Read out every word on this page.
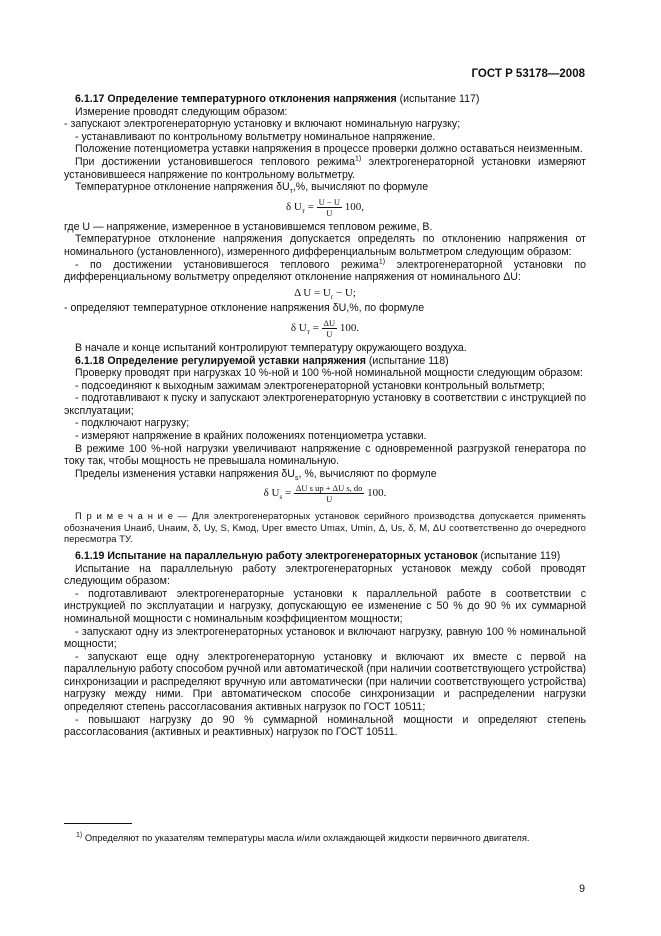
ГОСТ Р 53178—2008

6.1.17 Определение температурного отклонения напряжения (испытание 117)

Измерение проводят следующим образом:

- запускают электрогенераторную установку и включают номинальную нагрузку;

- устанавливают по контрольному вольтметру номинальное напряжение.

Положение потенциометра уставки напряжения в процессе проверки должно оставаться неизменным.

При достижении установившегося теплового режима$^{1)}$ электрогенераторной установки измеряют установившееся напряжение по контрольному вольтметру.

Температурное отклонение напряжения $\delta U_т,\%$, вычисляют по формуле

δ $U_т = \frac{U - U}{U} 100$,

где U — напряжение, измеренное в установившемся тепловом режиме, В.

Температурное отклонение напряжения допускается определять по отклонению напряжения от номинального (установленного), измеренного дифференциальным вольтметром следующим образом:

- по достижении установившегося теплового режима$^{1)}$ электрогенераторной установки по дифференциальному вольтметру определяют отклонение напряжения от номинального ΔU:

Δ $U = U_r - U$;

- определяют температурное отклонение напряжения δU,%, по формуле

δ $U_т = \frac{\Delta U}{U} 100$.

В начале и конце испытаний контролируют температуру окружающего воздуха.

6.1.18 Определение регулируемой уставки напряжения (испытание 118)

Проверку проводят при нагрузках 10 %-ной и 100 %-ной номинальной мощности следующим образом:

- подсоединяют к выходным зажимам электрогенераторной установки контрольный вольтметр;

- подготавливают к пуску и запускают электрогенераторную установку в соответствии с инструкцией по эксплуатации;

- подключают нагрузку;

- измеряют напряжение в крайних положениях потенциометра уставки.

В режиме 100 %-ной нагрузки увеличивают напряжение с одновременной разгрузкой генератора по току так, чтобы мощность не превышала номинальную.

Пределы изменения уставки напряжения $\delta U_s$, %, вычисляют по формуле

δ $U_s = \frac{\text{ΔU s up + ΔU s, do}}{U} 100$.

П р и м е ч а н и е — Для электрогенераторных установок серийного производства допускается применять обозначения Uнаиб, Uнаим, δ, Uу, S, Kмод, Uрег вместо Umax, Umin, Δ, Us, δ, M, ΔU соответственно до очередного пересмотра ТУ.

6.1.19 Испытание на параллельную работу электрогенераторных установок (испытание 119)

Испытание на параллельную работу электрогенераторных установок между собой проводят следующим образом:

- подготавливают электрогенераторные установки к параллельной работе в соответствии с инструкцией по эксплуатации и нагрузку, допускающую ее изменение с 50 % до 90 % их суммарной номинальной мощности с номинальным коэффициентом мощности;

- запускают одну из электрогенераторных установок и включают нагрузку, равную 100 % номинальной мощности;

- запускают еще одну электрогенераторную установку и включают их вместе с первой на параллельную работу способом ручной или автоматической (при наличии соответствующего устройства) синхронизации и распределяют вручную или автоматически (при наличии соответствующего устройства) нагрузку между ними. При автоматическом способе синхронизации и распределении нагрузки определяют степень рассогласования активных нагрузок по ГОСТ 10511;

- повышают нагрузку до 90 % суммарной номинальной мощности и определяют степень рассогласования (активных и реактивных) нагрузок по ГОСТ 10511.

$^{1)}$ Определяют по указателям температуры масла и/или охлаждающей жидкости первичного двигателя.
9
